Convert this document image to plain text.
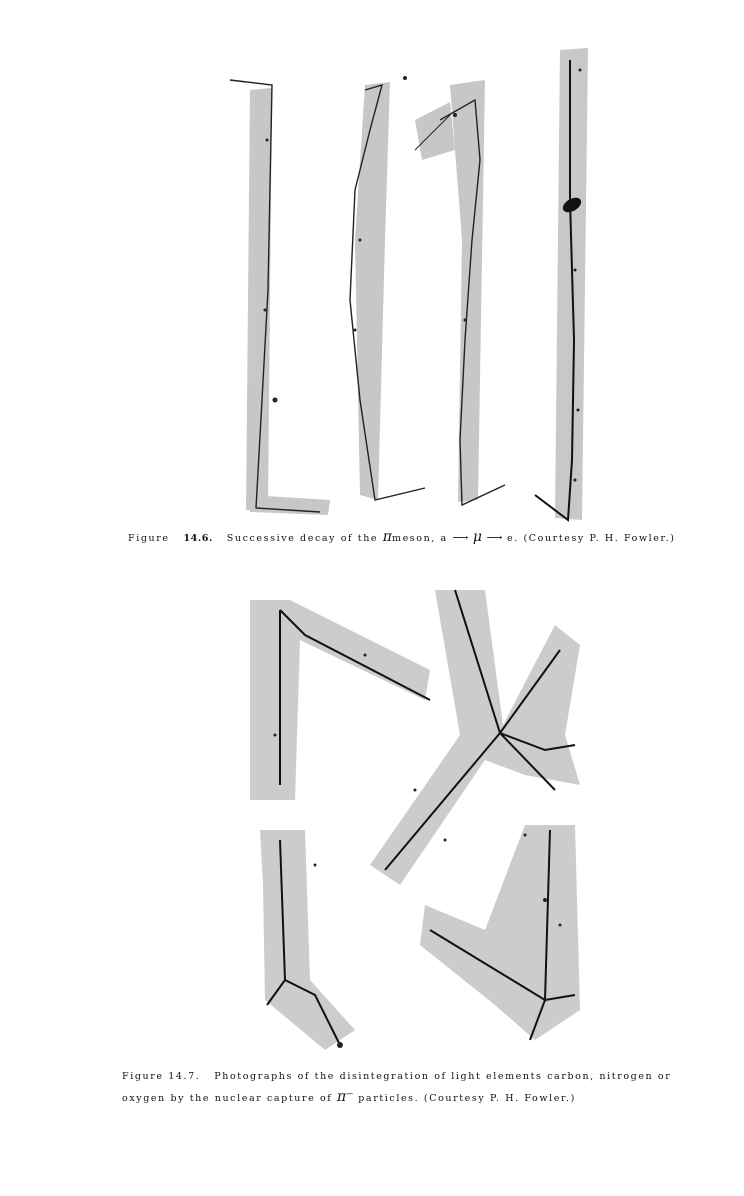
Figure 14.6. Successive decay of the πmeson, a ⟶ μ ⟶ e. (Courtesy P. H. Fowler.)
Figure 14.7. Photographs of the disintegration of light elements carbon, nitrogen or
oxygen by the nuclear capture of π⁻ particles. (Courtesy P. H. Fowler.)
